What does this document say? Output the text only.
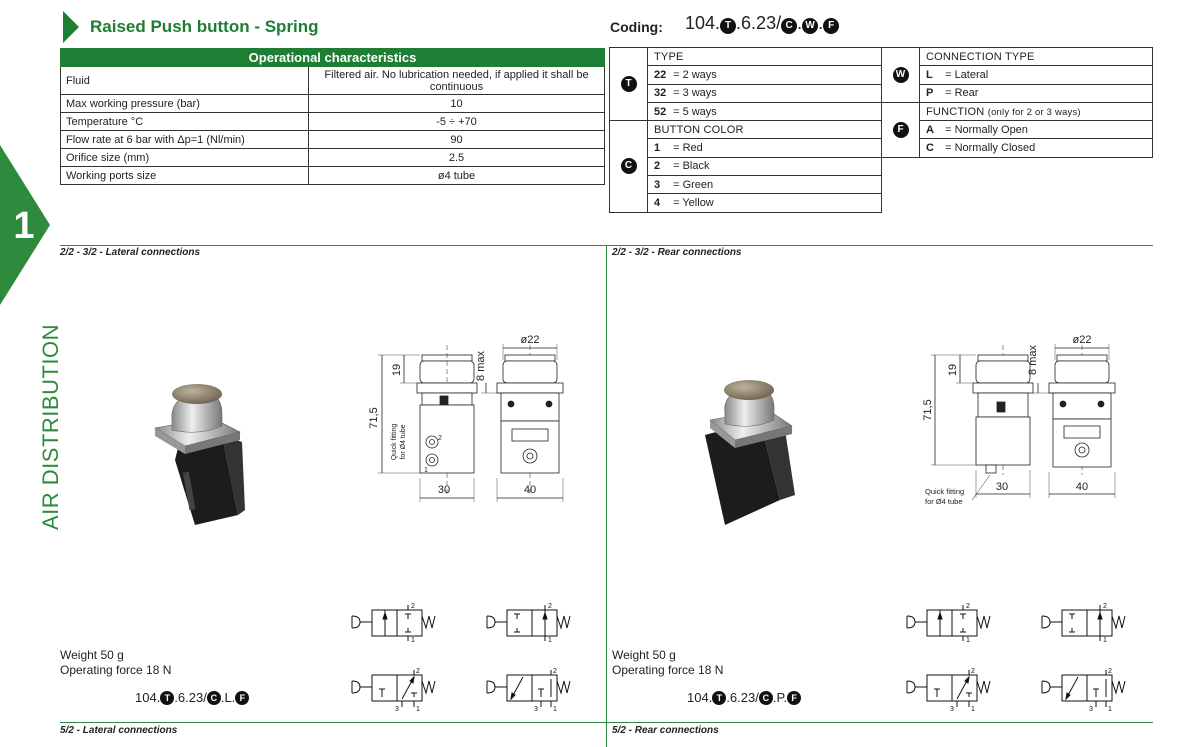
1
AIR DISTRIBUTION
Raised Push button - Spring	Coding: 104. T .6.23/ C . W . F
Operational characteristics	
Fluid	Filtered air. No lubrication needed, if applied it shall be continuous
Max working pressure (bar)	10
Temperature °C	-5 ÷ +70
Flow rate at 6 bar with Δp=1 (Nl/min)	90
Orifice size (mm)	2.5
Working ports size	ø4 tube
T	TYPE
	22 = 2 ways
	32 = 3 ways
	52 = 5 ways
C	BUTTON COLOR
	1 = Red
	2 = Black
	3 = Green
	4 = Yellow
W	CONNECTION TYPE
	L = Lateral
	P = Rear
F	FUNCTION (only for 2 or 3 ways)
	A = Normally Open
	C = Normally Closed
2/2 - 3/2 - Lateral connections	2/2 - 3/2 - Rear connections
5/2 - Lateral connections	5/2 - Rear connections
ø22
30	40
71,5
19	8 max
Quick fitting for Ø4 tube	2
1
ø22
30	40
71,5
19	8 max
Quick fitting
for Ø4 tube
2
1
2
1
2
3 1
2
3 1
2
1
2
1
2
3 1
2
3 1
Weight 50 g
Operating force 18 N
104. T .6.23/ C .L. F
Weight 50 g
Operating force 18 N
104. T .6.23/ C .P. F
